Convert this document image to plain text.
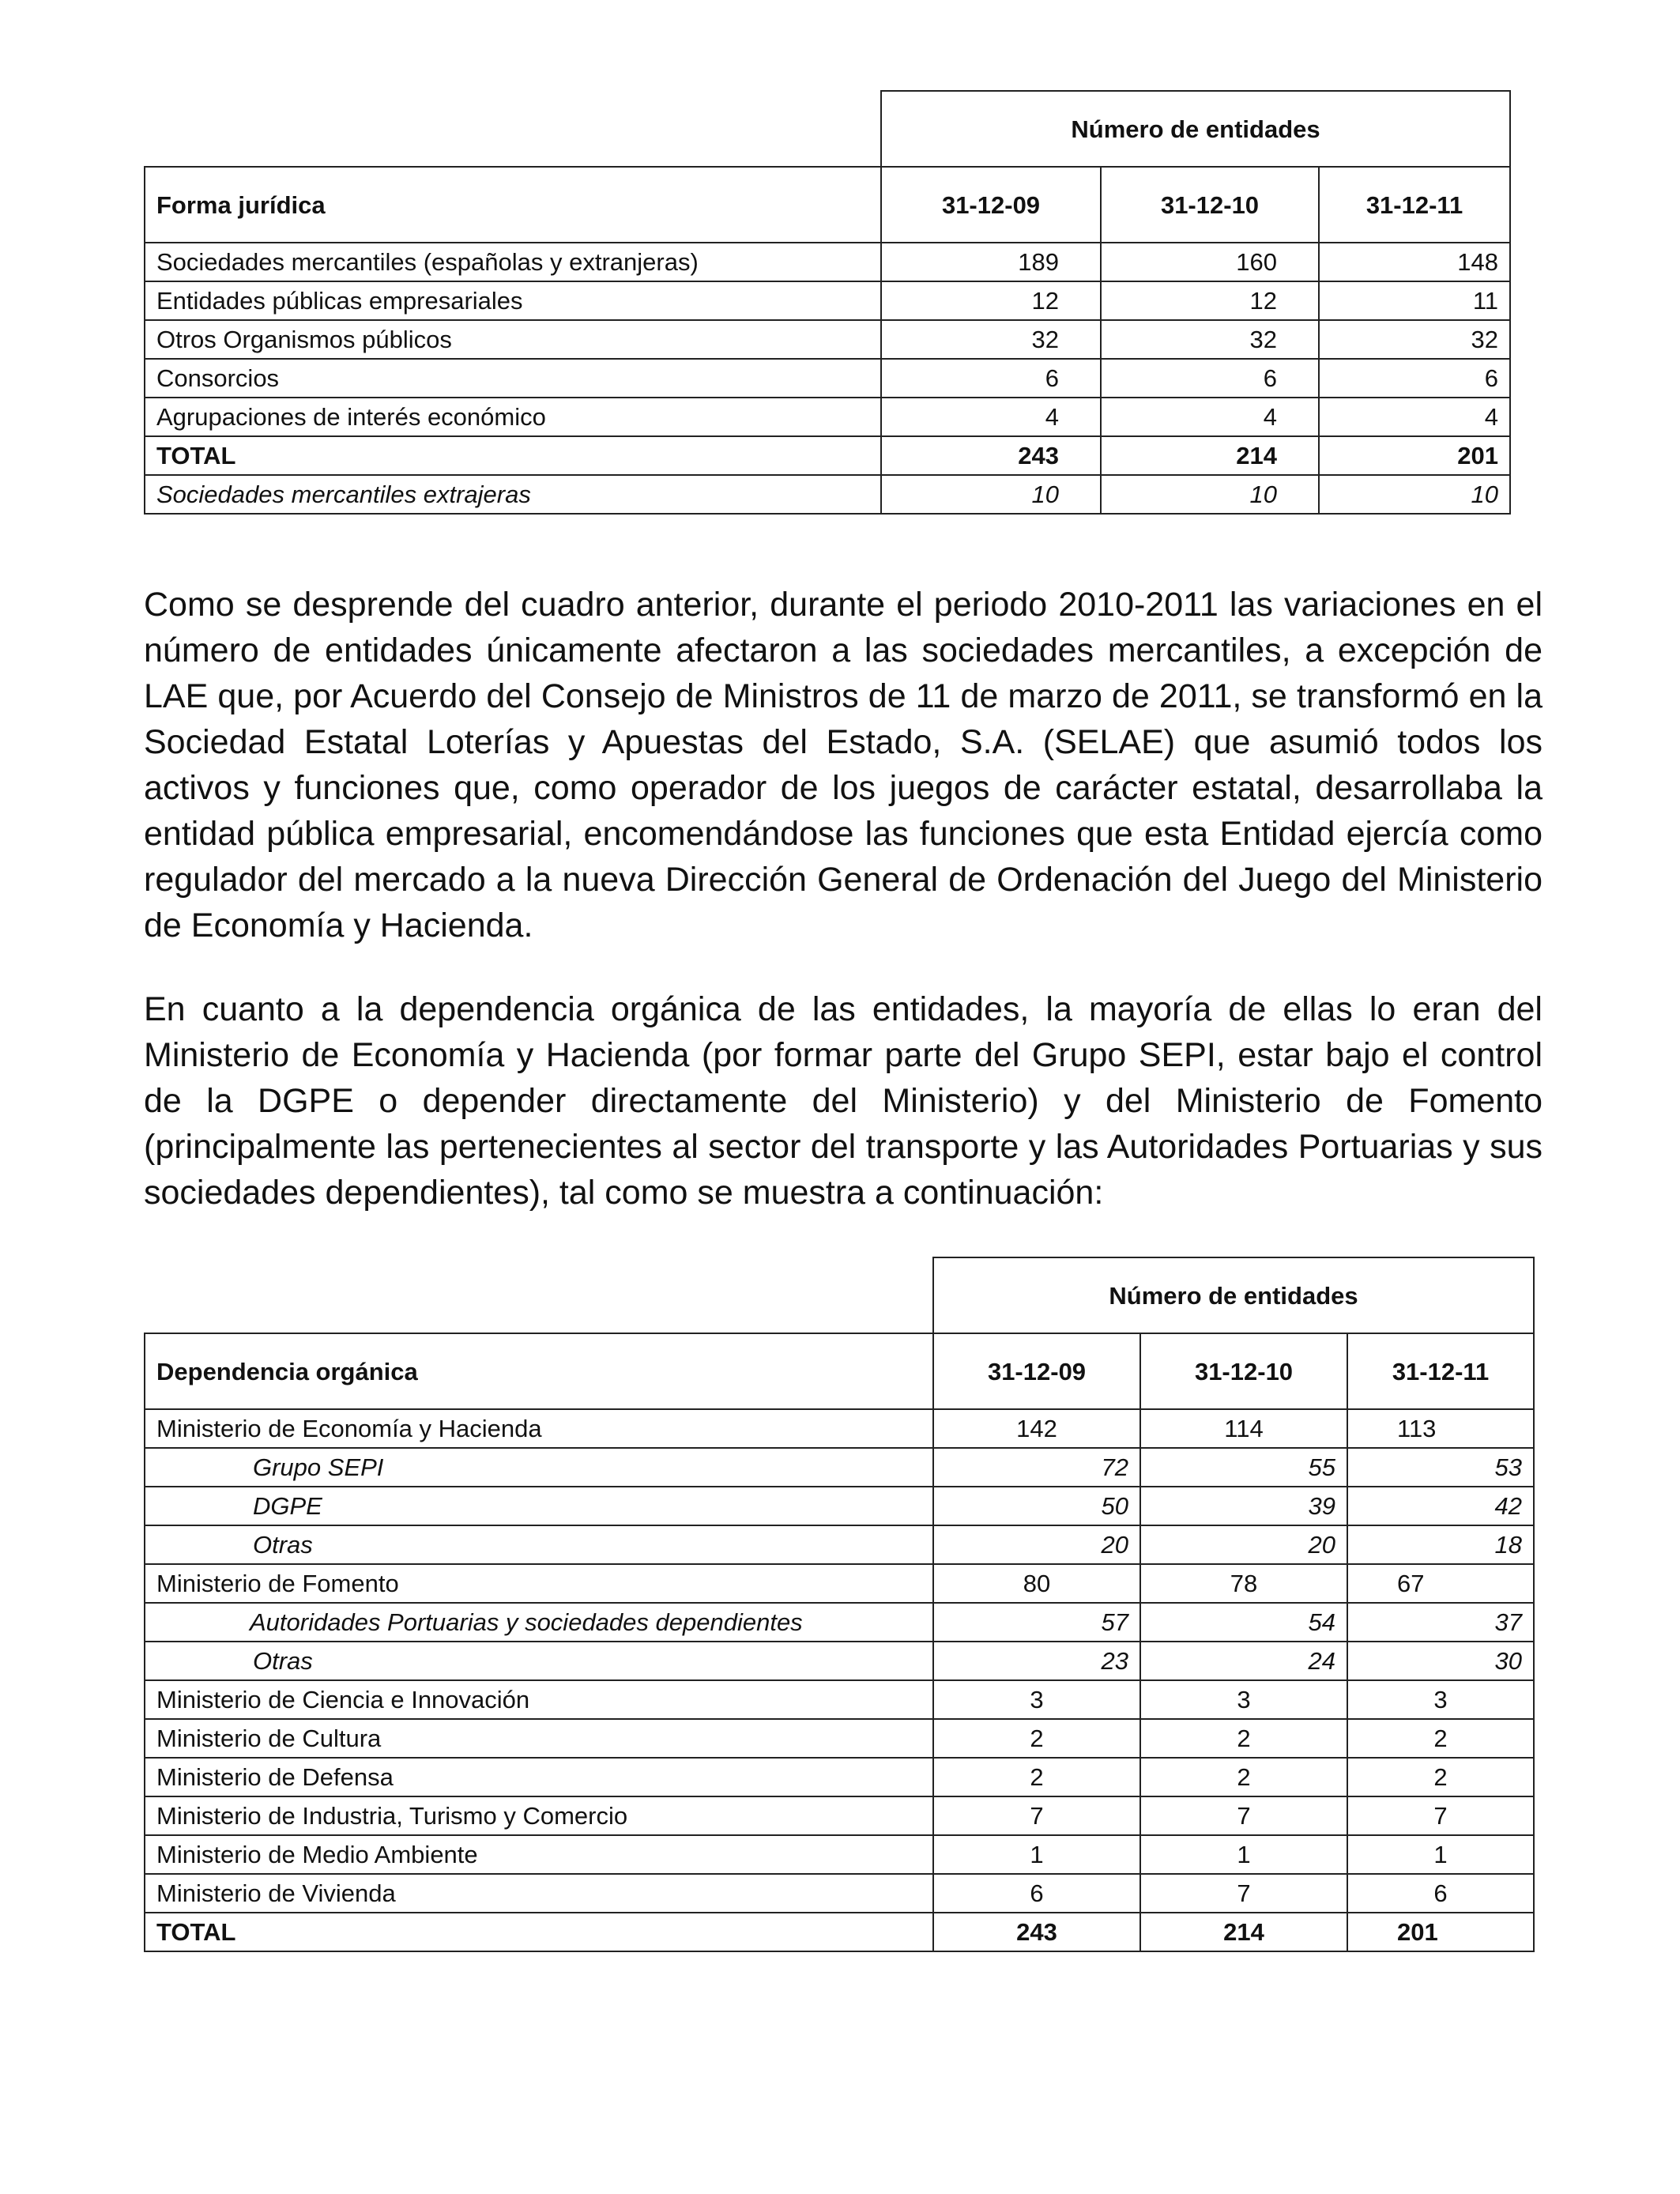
	Número de entidades		
Forma jurídica	31-12-09	31-12-10	31-12-11
Sociedades mercantiles (españolas y extranjeras)	189	160	148
Entidades públicas empresariales	12	12	11
Otros Organismos públicos	32	32	32
Consorcios	6	6	6
Agrupaciones de interés económico	4	4	4
TOTAL	243	214	201
Sociedades mercantiles extrajeras	10	10	10

Como se desprende del cuadro anterior, durante el periodo 2010-2011 las variaciones en el número de entidades únicamente afectaron a las sociedades mercantiles, a excepción de LAE que, por Acuerdo del Consejo de Ministros de 11 de marzo de 2011, se transformó en la Sociedad Estatal Loterías y Apuestas del Estado, S.A. (SELAE) que asumió todos los activos y funciones que, como operador de los juegos de carácter estatal, desarrollaba la entidad pública empresarial, encomendándose las funciones que esta Entidad ejercía como regulador del mercado a la nueva Dirección General de Ordenación del Juego del Ministerio de Economía y Hacienda.

En cuanto a la dependencia orgánica de las entidades, la mayoría de ellas lo eran del Ministerio de Economía y Hacienda (por formar parte del Grupo SEPI, estar bajo el control de la DGPE o depender directamente del Ministerio) y del Ministerio de Fomento (principalmente las pertenecientes al sector del transporte y las Autoridades Portuarias y sus sociedades dependientes), tal como se muestra a continuación:

	Número de entidades		
Dependencia orgánica	31-12-09	31-12-10	31-12-11
Ministerio de Economía y Hacienda	142	114	113
Grupo SEPI	72	55	53
DGPE	50	39	42
Otras	20	20	18
Ministerio de Fomento	80	78	67
Autoridades Portuarias y sociedades dependientes	57	54	37
Otras	23	24	30
Ministerio de Ciencia e Innovación	3	3	3
Ministerio de Cultura	2	2	2
Ministerio de Defensa	2	2	2
Ministerio de Industria, Turismo y Comercio	7	7	7
Ministerio de Medio Ambiente	1	1	1
Ministerio de Vivienda	6	7	6
TOTAL	243	214	201
